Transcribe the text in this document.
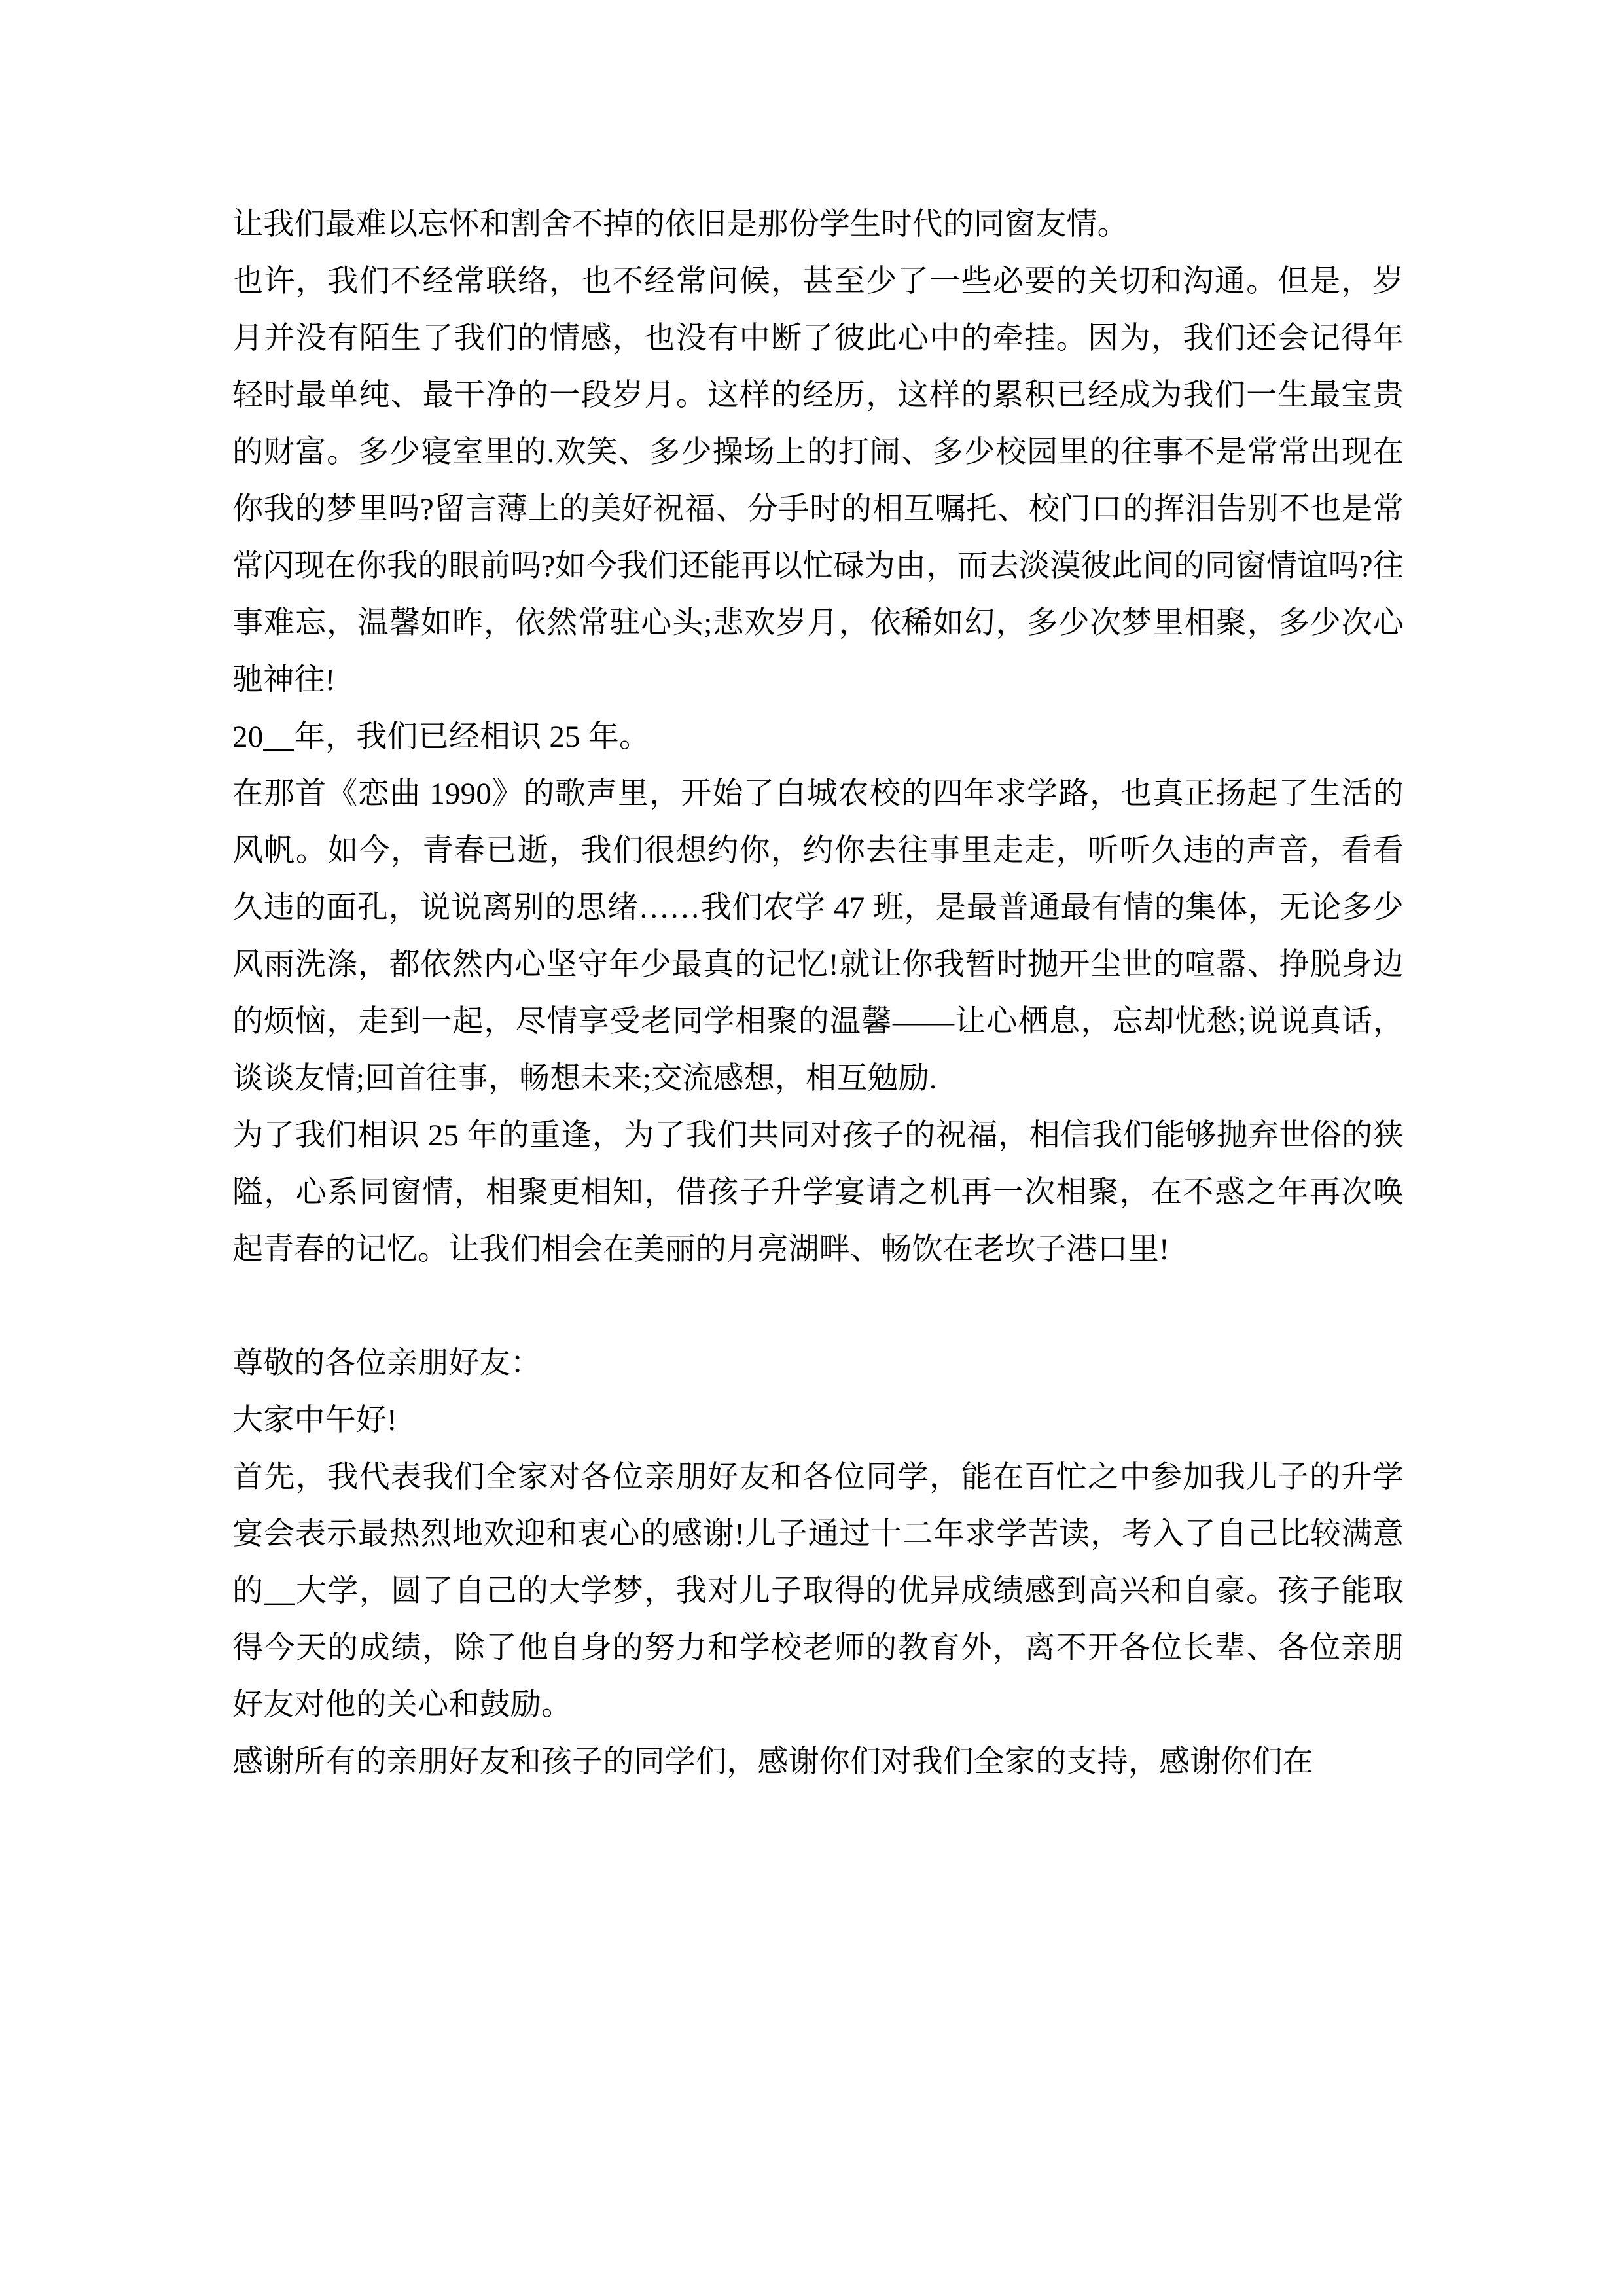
让我们最难以忘怀和割舍不掉的依旧是那份学生时代的同窗友情。

也许，我们不经常联络，也不经常问候，甚至少了一些必要的关切和沟通。但是，岁月并没有陌生了我们的情感，也没有中断了彼此心中的牵挂。因为，我们还会记得年轻时最单纯、最干净的一段岁月。这样的经历，这样的累积已经成为我们一生最宝贵的财富。多少寝室里的.欢笑、多少操场上的打闹、多少校园里的往事不是常常出现在你我的梦里吗?留言薄上的美好祝福、分手时的相互嘱托、校门口的挥泪告别不也是常常闪现在你我的眼前吗?如今我们还能再以忙碌为由，而去淡漠彼此间的同窗情谊吗?往事难忘，温馨如昨，依然常驻心头;悲欢岁月，依稀如幻，多少次梦里相聚，多少次心驰神往!

20__年，我们已经相识 25 年。

在那首《恋曲 1990》的歌声里，开始了白城农校的四年求学路，也真正扬起了生活的风帆。如今，青春已逝，我们很想约你，约你去往事里走走，听听久违的声音，看看久违的面孔，说说离别的思绪……我们农学 47 班，是最普通最有情的集体，无论多少风雨洗涤，都依然内心坚守年少最真的记忆!就让你我暂时抛开尘世的喧嚣、挣脱身边的烦恼，走到一起，尽情享受老同学相聚的温馨——让心栖息，忘却忧愁;说说真话，谈谈友情;回首往事，畅想未来;交流感想，相互勉励.

为了我们相识 25 年的重逢，为了我们共同对孩子的祝福，相信我们能够抛弃世俗的狭隘，心系同窗情，相聚更相知，借孩子升学宴请之机再一次相聚，在不惑之年再次唤起青春的记忆。让我们相会在美丽的月亮湖畔、畅饮在老坎子港口里!

尊敬的各位亲朋好友：

大家中午好!

首先，我代表我们全家对各位亲朋好友和各位同学，能在百忙之中参加我儿子的升学宴会表示最热烈地欢迎和衷心的感谢!儿子通过十二年求学苦读，考入了自己比较满意的__大学，圆了自己的大学梦，我对儿子取得的优异成绩感到高兴和自豪。孩子能取得今天的成绩，除了他自身的努力和学校老师的教育外，离不开各位长辈、各位亲朋好友对他的关心和鼓励。

感谢所有的亲朋好友和孩子的同学们，感谢你们对我们全家的支持，感谢你们在
